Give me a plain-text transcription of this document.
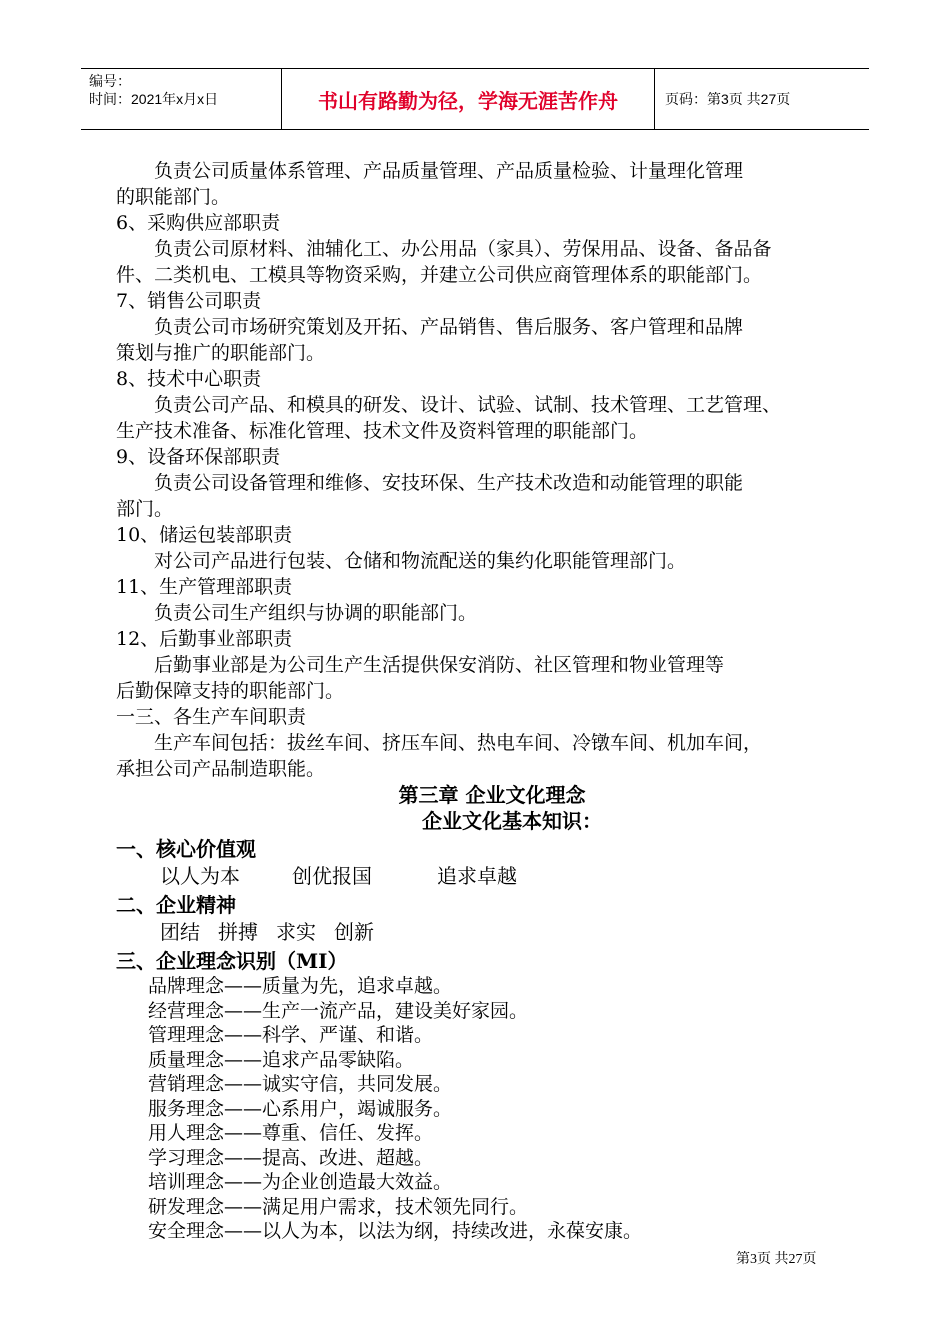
编号：
时间：2021年x月x日	书山有路勤为径，学海无涯苦作舟	页码：第3页 共27页

负责公司质量体系管理、产品质量管理、产品质量检验、计量理化管理

的职能部门。

6、采购供应部职责

负责公司原材料、油辅化工、办公用品（家具）、劳保用品、设备、备品备

件、二类机电、工模具等物资采购，并建立公司供应商管理体系的职能部门。

7、销售公司职责

负责公司市场研究策划及开拓、产品销售、售后服务、客户管理和品牌

策划与推广的职能部门。

8、技术中心职责

负责公司产品、和模具的研发、设计、试验、试制、技术管理、工艺管理、

生产技术准备、标准化管理、技术文件及资料管理的职能部门。

9、设备环保部职责

负责公司设备管理和维修、安技环保、生产技术改造和动能管理的职能

部门。

10、储运包装部职责

对公司产品进行包装、仓储和物流配送的集约化职能管理部门。

11、生产管理部职责

负责公司生产组织与协调的职能部门。

12、后勤事业部职责

后勤事业部是为公司生产生活提供保安消防、社区管理和物业管理等

后勤保障支持的职能部门。

一三、各生产车间职责

生产车间包括：拔丝车间、挤压车间、热电车间、冷镦车间、机加车间，

承担公司产品制造职能。

第三章 企业文化理念

企业文化基本知识：

一、核心价值观

以人为本	创优报国	追求卓越

二、企业精神

团结 拼搏 求实 创新

三、企业理念识别（MI）

品牌理念——质量为先，追求卓越。

经营理念——生产一流产品，建设美好家园。

管理理念——科学、严谨、和谐。

质量理念——追求产品零缺陷。

营销理念——诚实守信，共同发展。

服务理念——心系用户，竭诚服务。

用人理念——尊重、信任、发挥。

学习理念——提高、改进、超越。

培训理念——为企业创造最大效益。

研发理念——满足用户需求，技术领先同行。

安全理念——以人为本，以法为纲，持续改进，永葆安康。

第3页 共27页
